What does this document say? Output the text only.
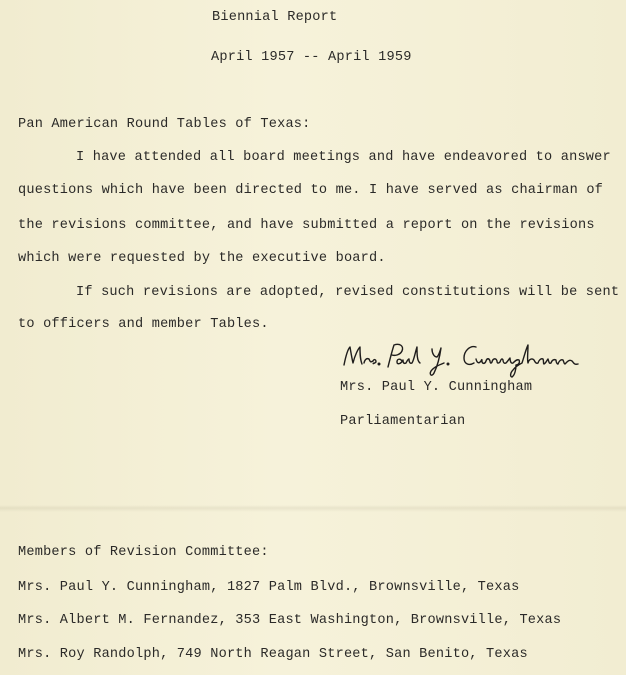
Biennial Report
April 1957 -- April 1959
Pan American Round Tables of Texas:
I have attended all board meetings and have endeavored to answer
questions which have been directed to me. I have served as chairman of
the revisions committee, and have submitted a report on the revisions
which were requested by the executive board.
If such revisions are adopted, revised constitutions will be sent
to officers and member Tables.
Mrs. Paul Y. Cunningham
Parliamentarian
Members of Revision Committee:
Mrs. Paul Y. Cunningham, 1827 Palm Blvd., Brownsville, Texas
Mrs. Albert M. Fernandez, 353 East Washington, Brownsville, Texas
Mrs. Roy Randolph, 749 North Reagan Street, San Benito, Texas
